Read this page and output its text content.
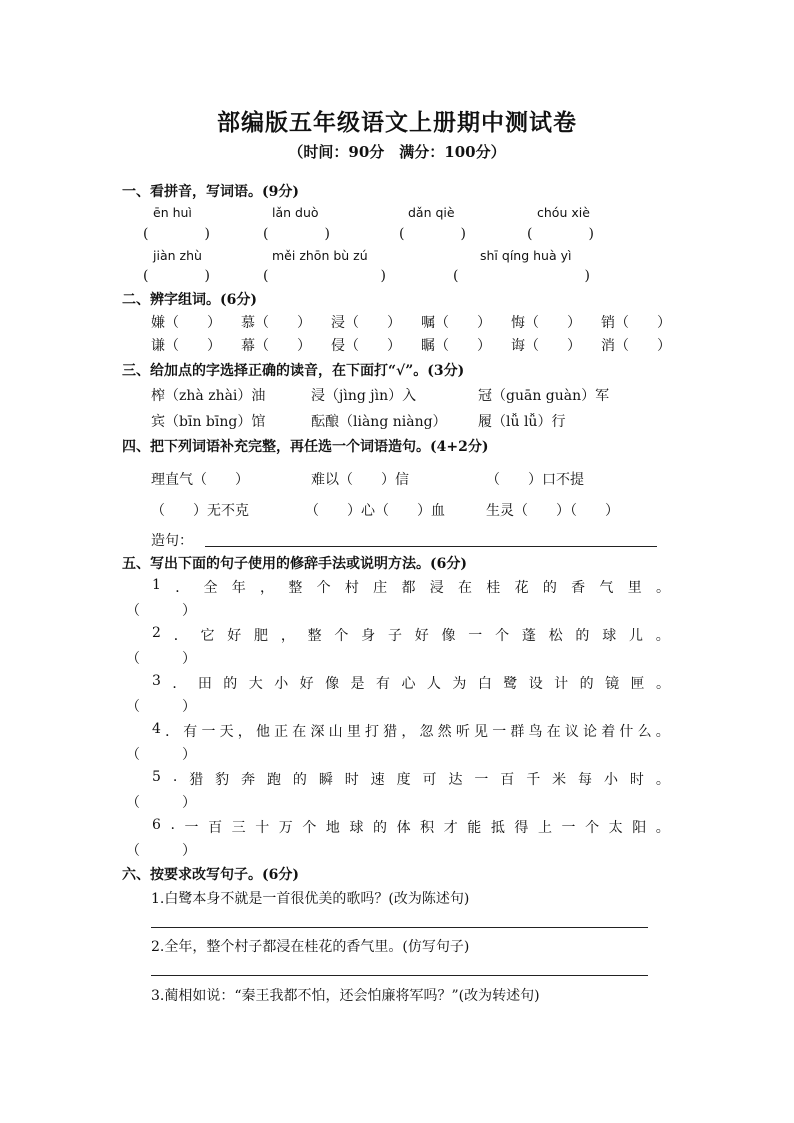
部编版五年级语文上册期中测试卷
（时间：90分　满分：100分）
一、看拼音，写词语。(9分)
ēn huì	lǎn duò	dǎn qiè	chóu xiè
(　　　　)	(　　　　)	(　　　　)	(　　　　)
jiàn zhù	měi zhōn bù zú	shī qíng huà yì
(　　　　)	(　　　　　　　　)	(　　　　　　　　　)
二、辨字组词。(6分)
嫌（　　） 慕（　　） 浸（　　） 嘱（　　） 悔（　　） 销（　　）
谦（　　） 幕（　　） 侵（　　） 瞩（　　） 诲（　　） 消（　　）
三、给加点的字选择正确的读音，在下面打“√”。(3分)
榨（zhà zhài）油	浸（jìng jìn）入	冠（guān guàn）军
宾（bīn bīng）馆	酝酿（liàng niàng） 履（lǚ lǚ）行
四、把下列词语补充完整，再任选一个词语造句。(4+2分)
理直气（　　）	难以（　　）信	（　　）口不提
（　　）无不克	（　　）心（　　）血	生灵（　　）（　　）
造句：
五、写出下面的句子使用的修辞手法或说明方法。(6分)
1 ． 全 年 ， 整 个 村 庄 都 浸 在 桂 花 的 香 气 里 。
（　　　）
2 ． 它 好 肥 ， 整 个 身 子 好 像 一 个 蓬 松 的 球 儿 。
（　　　）
3 ． 田 的 大 小 好 像 是 有 心 人 为 白 鹭 设 计 的 镜 匣 。
（　　　）
4 ． 有 一 天 ， 他 正 在 深 山 里 打 猎 ， 忽 然 听 见 一 群 鸟 在 议 论 着 什 么 。
（　　　）
5 . 猎 豹 奔 跑 的 瞬 时 速 度 可 达 一 百 千 米 每 小 时 。
（　　　）
6 . 一 百 三 十 万 个 地 球 的 体 积 才 能 抵 得 上 一 个 太 阳 。
（　　　）
六、按要求改写句子。(6分)
1.白鹭本身不就是一首很优美的歌吗？(改为陈述句)
2.全年，整个村子都浸在桂花的香气里。(仿写句子)
3.蔺相如说：“秦王我都不怕，还会怕廉将军吗？”(改为转述句)
